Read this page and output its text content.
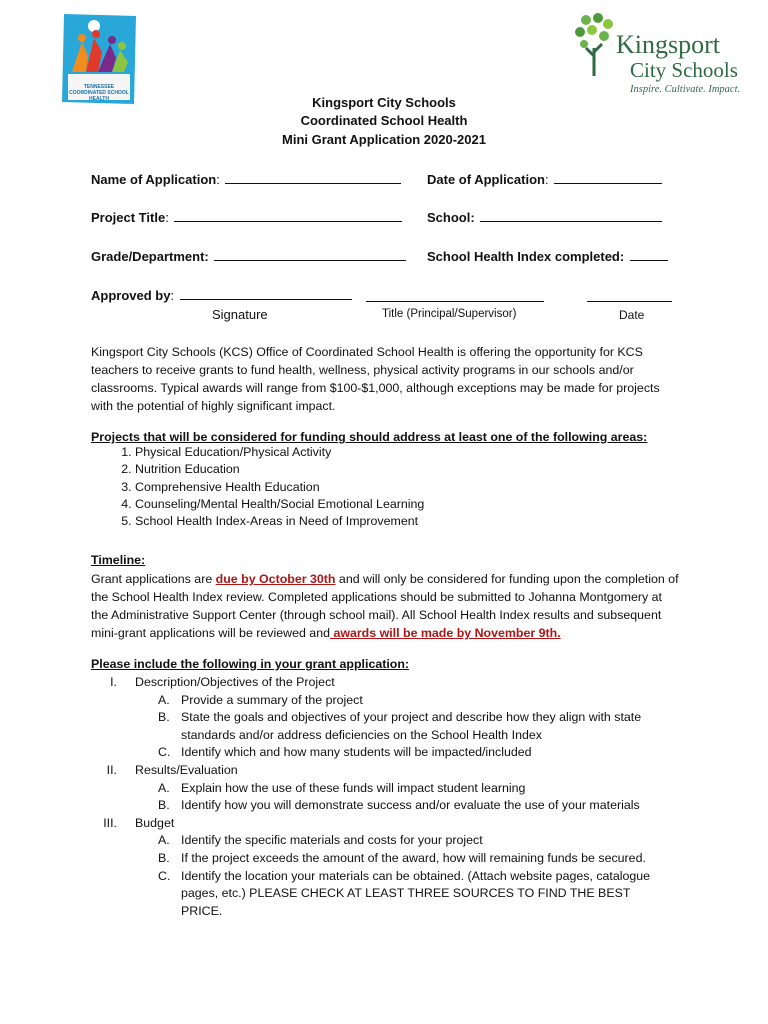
TENNESSEE COORDINATED SCHOOL HEALTH
Kingsport
City Schools
Inspire. Cultivate. Impact.
Kingsport City Schools
Coordinated School Health
Mini Grant Application 2020-2021
Name of Application:	Date of Application:
Project Title:	School:
Grade/Department:	School Health Index completed:
Approved by:
Signature	Title (Principal/Supervisor)	Date
Kingsport City Schools (KCS) Office of Coordinated School Health is offering the opportunity for KCS teachers to receive grants to fund health, wellness, physical activity programs in our schools and/or classrooms. Typical awards will range from $100-$1,000, although exceptions may be made for projects with the potential of highly significant impact.
Projects that will be considered for funding should address at least one of the following areas:
1. Physical Education/Physical Activity
2. Nutrition Education
3. Comprehensive Health Education
4. Counseling/Mental Health/Social Emotional Learning
5. School Health Index-Areas in Need of Improvement
Timeline:
Grant applications are due by October 30th and will only be considered for funding upon the completion of the School Health Index review. Completed applications should be submitted to Johanna Montgomery at the Administrative Support Center (through school mail). All School Health Index results and subsequent mini-grant applications will be reviewed and awards will be made by November 9th.
Please include the following in your grant application:
I. Description/Objectives of the Project
A. Provide a summary of the project
B. State the goals and objectives of your project and describe how they align with state
standards and/or address deficiencies on the School Health Index
C. Identify which and how many students will be impacted/included
II. Results/Evaluation
A. Explain how the use of these funds will impact student learning
B. Identify how you will demonstrate success and/or evaluate the use of your materials
III. Budget
A. Identify the specific materials and costs for your project
B. If the project exceeds the amount of the award, how will remaining funds be secured.
C. Identify the location your materials can be obtained. (Attach website pages, catalogue
pages, etc.) PLEASE CHECK AT LEAST THREE SOURCES TO FIND THE BEST
PRICE.
